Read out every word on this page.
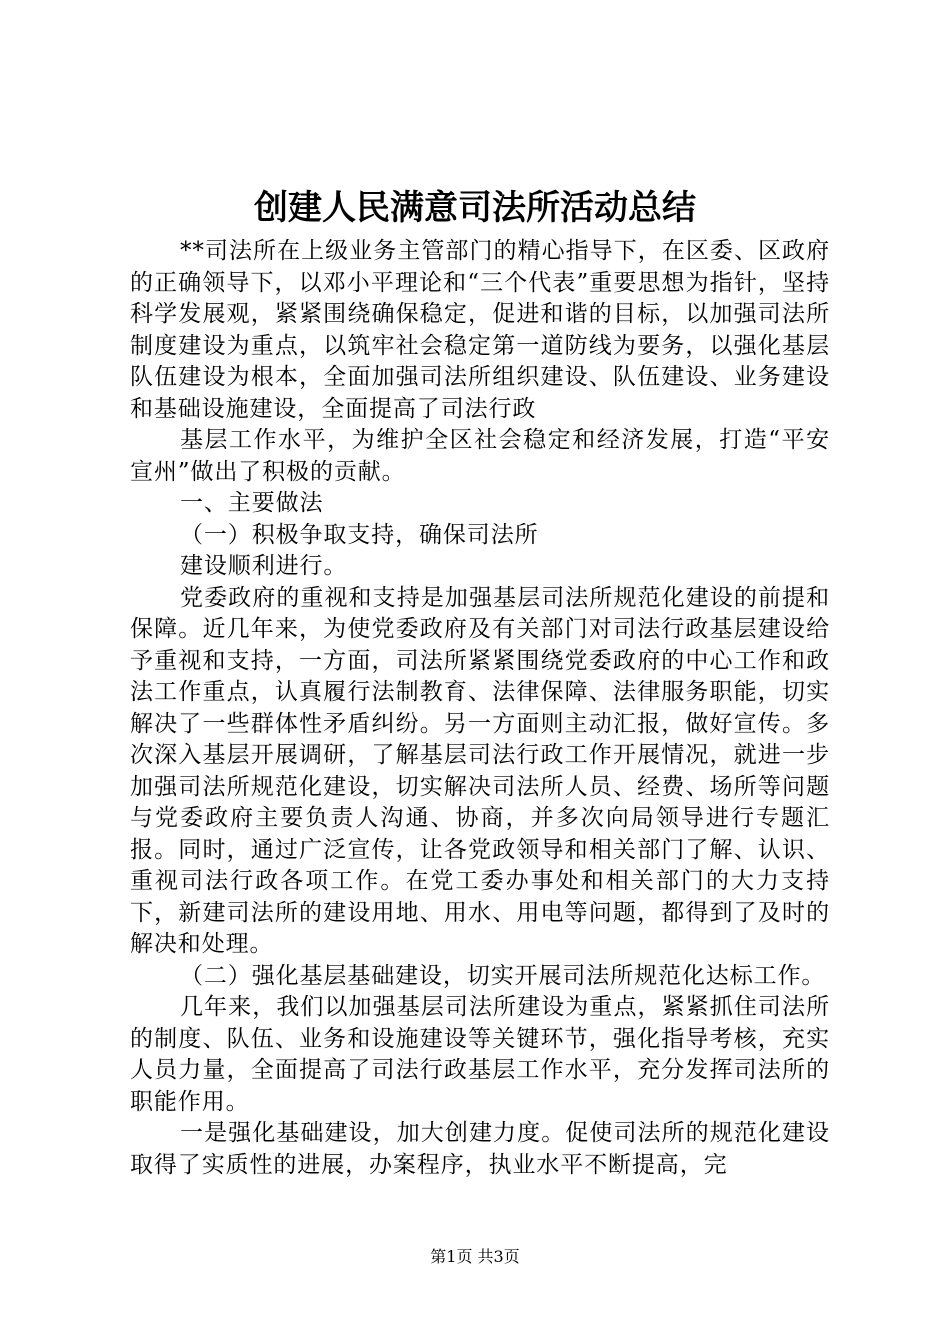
创建人民满意司法所活动总结

**司法所在上级业务主管部门的精心指导下，在区委、区政府的正确领导下，以邓小平理论和“三个代表”重要思想为指针，坚持科学发展观，紧紧围绕确保稳定，促进和谐的目标，以加强司法所制度建设为重点，以筑牢社会稳定第一道防线为要务，以强化基层队伍建设为根本，全面加强司法所组织建设、队伍建设、业务建设和基础设施建设，全面提高了司法行政

基层工作水平，为维护全区社会稳定和经济发展，打造“平安宣州”做出了积极的贡献。

一、主要做法

（一）积极争取支持，确保司法所

建设顺利进行。

党委政府的重视和支持是加强基层司法所规范化建设的前提和保障。近几年来，为使党委政府及有关部门对司法行政基层建设给予重视和支持，一方面，司法所紧紧围绕党委政府的中心工作和政法工作重点，认真履行法制教育、法律保障、法律服务职能，切实解决了一些群体性矛盾纠纷。另一方面则主动汇报，做好宣传。多次深入基层开展调研，了解基层司法行政工作开展情况，就进一步加强司法所规范化建设，切实解决司法所人员、经费、场所等问题与党委政府主要负责人沟通、协商，并多次向局领导进行专题汇报。同时，通过广泛宣传，让各党政领导和相关部门了解、认识、重视司法行政各项工作。在党工委办事处和相关部门的大力支持下，新建司法所的建设用地、用水、用电等问题，都得到了及时的解决和处理。

（二）强化基层基础建设，切实开展司法所规范化达标工作。

几年来，我们以加强基层司法所建设为重点，紧紧抓住司法所的制度、队伍、业务和设施建设等关键环节，强化指导考核，充实人员力量，全面提高了司法行政基层工作水平，充分发挥司法所的职能作用。

一是强化基础建设，加大创建力度。促使司法所的规范化建设取得了实质性的进展，办案程序，执业水平不断提高，完

第1页 共3页
